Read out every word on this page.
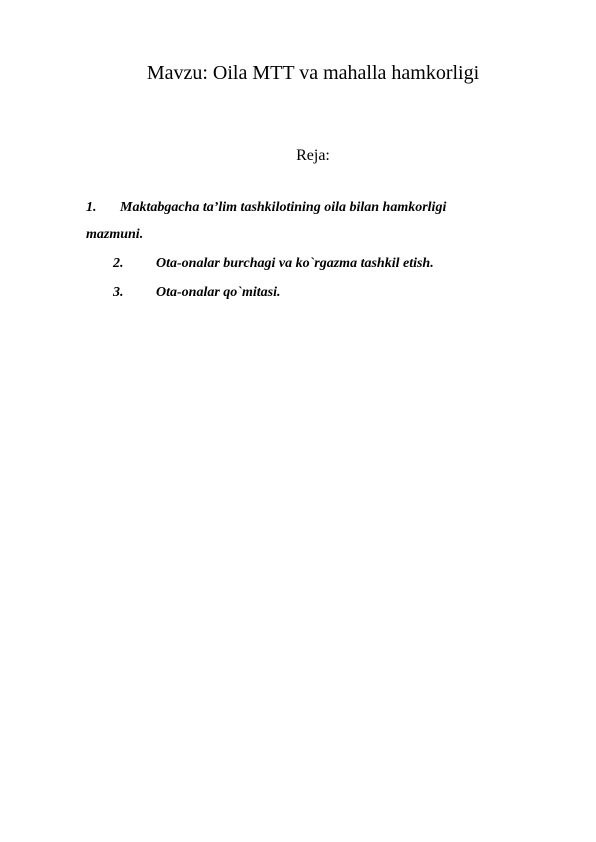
Mavzu: Oila MTT va mahalla hamkorligi
Reja:
1. Maktabgacha ta’lim tashkilotining oila bilan hamkorligi
mazmuni.
2. Ota-onalar burchagi va ko`rgazma tashkil etish.
3. Ota-onalar qo`mitasi.
